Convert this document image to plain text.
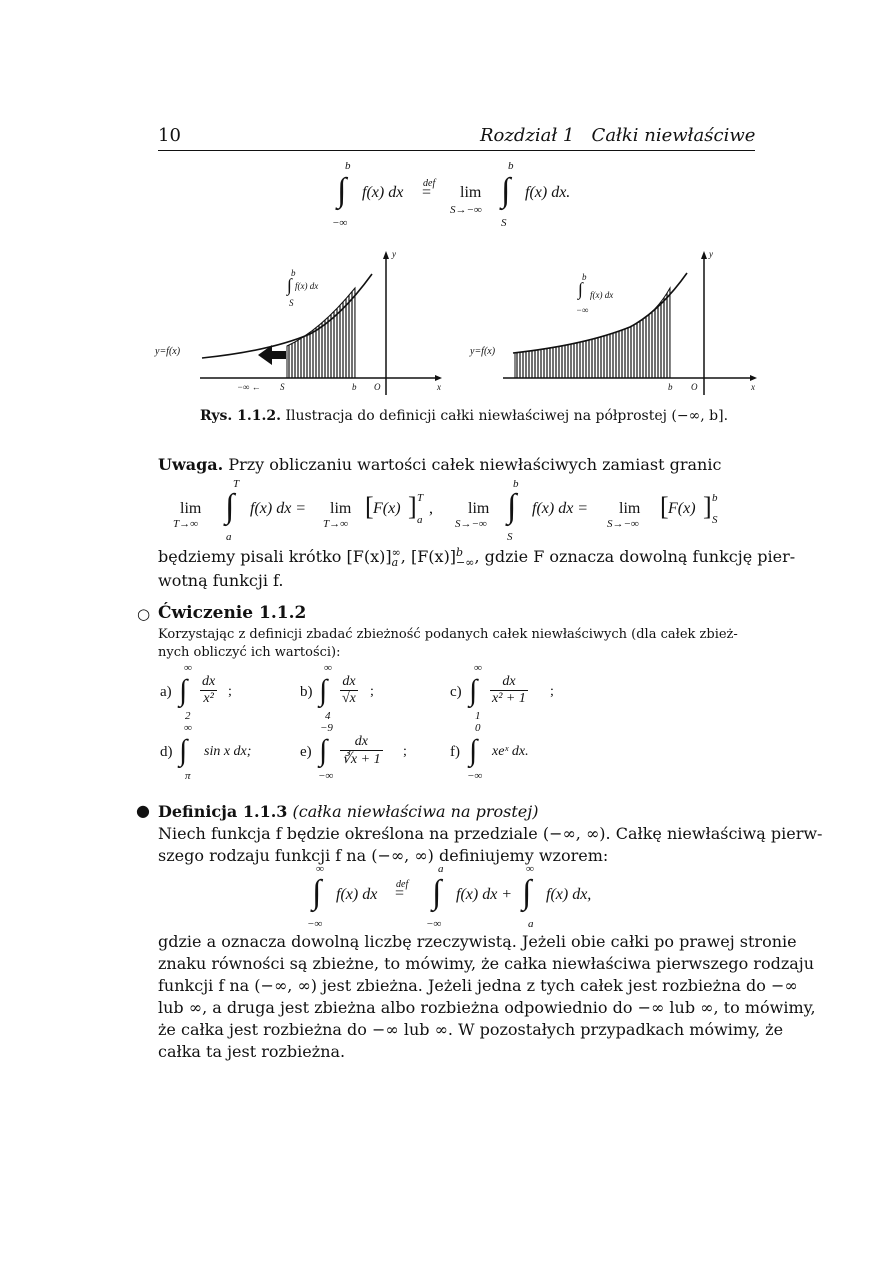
10	Rozdział 1   Całki niewłaściwe
b
∫
−∞
f(x) dx
def
= lim
S→−∞
b
∫
S
f(x) dx.
y
x
y=f(x)
b
∫ f(x) dx
S
−∞ ← S	b O
y
x
y=f(x)
b
∫ f(x) dx
−∞
b O
Rys. 1.1.2. Ilustracja do definicji całki niewłaściwej na półprostej (−∞, b].
Uwaga. Przy obliczaniu wartości całek niewłaściwych zamiast granic
lim
T→∞
T
∫
a
f(x) dx = lim
T→∞
[ F(x) ] T
a
, lim
S→−∞
b
∫
S
f(x) dx = lim
S→−∞
[ F(x) ] b
S
będziemy pisali krótko [F(x)] ∞
a , [F(x)] b
−∞ , gdzie F oznacza dowolną funkcję pier-
wotną funkcji f.
○ Ćwiczenie 1.1.2
Korzystając z definicji zbadać zbieżność podanych całek niewłaściwych (dla całek zbież-
nych obliczyć ich wartości):
a)
∞
∫
2
$\frac{dx}{\text{x²}}$ ;	b)
∞
∫
4
$\frac{dx}{√x}$ ;	c)
∞
∫
1
$\frac{dx}{\text{x² + 1}}$ ;
d)
∞
∫
π
sin x dx;	e)
−9
∫
−∞
$\frac{dx}{∛x + 1}$ ;	f)
0
∫
−∞
xeˣ dx.
● Definicja 1.1.3 (całka niewłaściwa na prostej)
Niech funkcja f będzie określona na przedziale (−∞, ∞). Całkę niewłaściwą pierw-
szego rodzaju funkcji f na (−∞, ∞) definiujemy wzorem:
∞
∫
−∞
f(x) dx
def
=
a
∫
−∞
f(x) dx +
∞
∫
a
f(x) dx,
gdzie a oznacza dowolną liczbę rzeczywistą. Jeżeli obie całki po prawej stronie
znaku równości są zbieżne, to mówimy, że całka niewłaściwa pierwszego rodzaju
funkcji f na (−∞, ∞) jest zbieżna. Jeżeli jedna z tych całek jest rozbieżna do −∞
lub ∞, a druga jest zbieżna albo rozbieżna odpowiednio do −∞ lub ∞, to mówimy,
że całka jest rozbieżna do −∞ lub ∞. W pozostałych przypadkach mówimy, że
całka ta jest rozbieżna.
